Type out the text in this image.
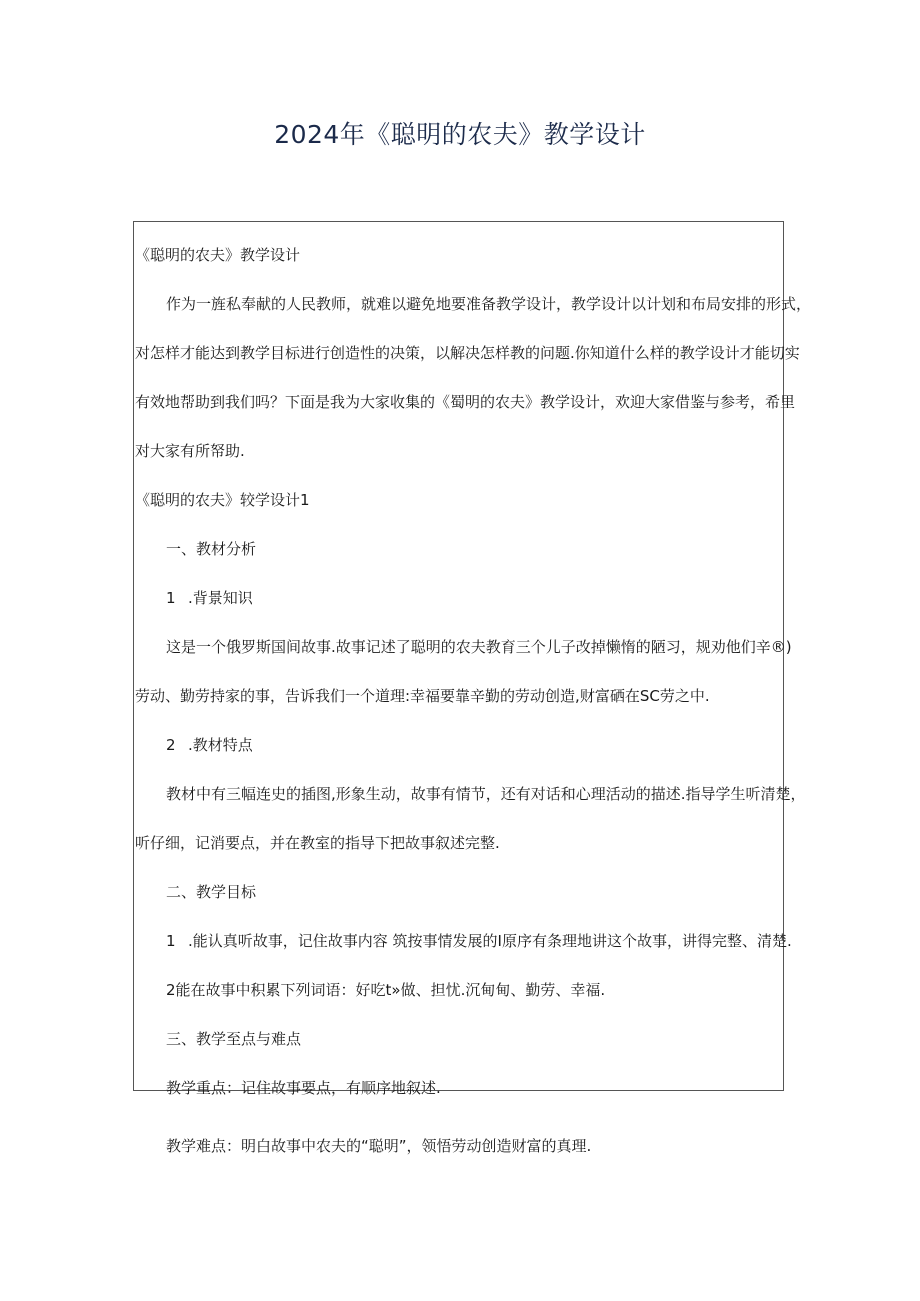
2024年《聪明的农夫》教学设计
《聪明的农夫》教学设计
作为一旌私奉献的人民教师，就难以避免地要准备教学设计，教学设计以计划和布局安排的形式，
对怎样才能达到教学目标进行创造性的决策，以解决怎样教的问题.你知道什么样的教学设计才能切实
有效地帮助到我们吗？下面是我为大家收集的《蜀明的农夫》教学设计，欢迎大家借鉴与参考，希里
对大家有所帑助.
《聪明的农夫》较学设计1
一、教材分析
1 .背景知识
这是一个俄罗斯国间故事.故事记述了聪明的农夫教育三个儿子改掉懒惰的陋习，规劝他们辛®)
劳动、勤劳持家的事，告诉我们一个道理:幸福要靠辛勤的劳动创造,财富硒在SC劳之中.
2 .教材特点
教材中有三幅连史的插图,形象生动，故事有情节，还有对话和心理活动的描述.指导学生听清楚，
听仔细，记消要点，并在教室的指导下把故事叙述完整.
二、教学目标
1 .能认真听故事，记住故事内容 筑按事情发展的I原序有条理地讲这个故事，讲得完整、清楚.
2能在故事中积累下列词语：好吃t»做、担忧.沉甸甸、勤劳、幸福.
三、教学至点与难点
教学重点：记住故事要点，有顺序地叙述.
教学难点：明白故事中农夫的“聪明”，领悟劳动创造财富的真理.
